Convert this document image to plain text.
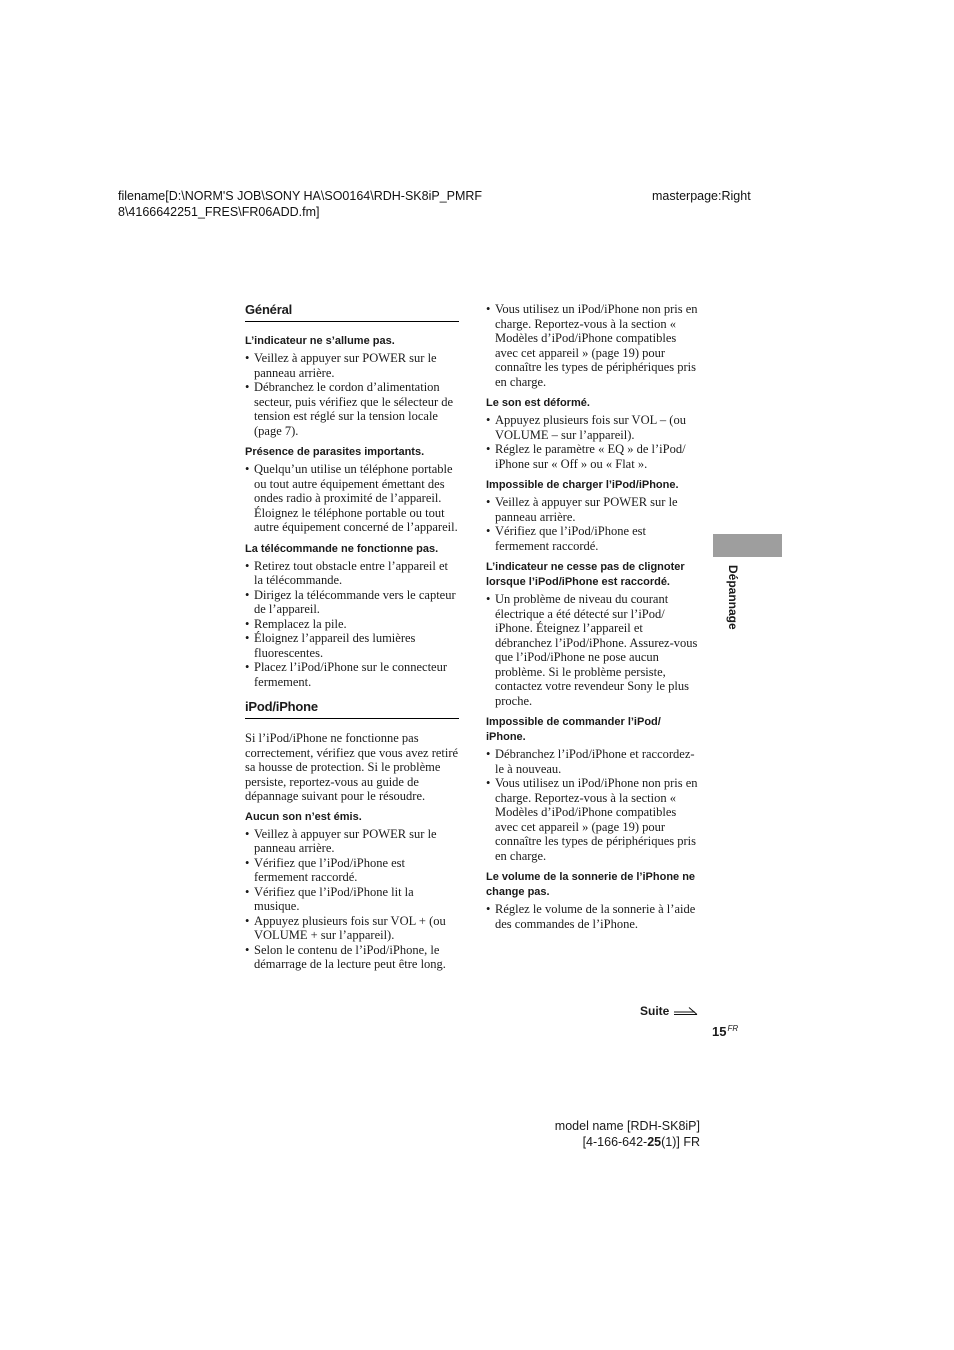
filename[D:\NORM'S JOB\SONY HA\SO0164\RDH-SK8iP_PMRF
8\4166642251_FRES\FR06ADD.fm]
masterpage:Right
Général
L’indicateur ne s’allume pas.
• Veillez à appuyer sur POWER sur le panneau arrière.
• Débranchez le cordon d’alimentation secteur, puis vérifiez que le sélecteur de tension est réglé sur la tension locale (page 7).
Présence de parasites importants.
• Quelqu’un utilise un téléphone portable ou tout autre équipement émettant des ondes radio à proximité de l’appareil. Éloignez le téléphone portable ou tout autre équipement concerné de l’appareil.
La télécommande ne fonctionne pas.
• Retirez tout obstacle entre l’appareil et la télécommande.
• Dirigez la télécommande vers le capteur de l’appareil.
• Remplacez la pile.
• Éloignez l’appareil des lumières fluorescentes.
• Placez l’iPod/iPhone sur le connecteur fermement.
iPod/iPhone

Si l’iPod/iPhone ne fonctionne pas correctement, vérifiez que vous avez retiré sa housse de protection. Si le problème persiste, reportez-vous au guide de dépannage suivant pour le résoudre.

Aucun son n’est émis.
• Veillez à appuyer sur POWER sur le panneau arrière.
• Vérifiez que l’iPod/iPhone est fermement raccordé.
• Vérifiez que l’iPod/iPhone lit la musique.
• Appuyez plusieurs fois sur VOL + (ou VOLUME + sur l’appareil).
• Selon le contenu de l’iPod/iPhone, le démarrage de la lecture peut être long.
• Vous utilisez un iPod/iPhone non pris en charge. Reportez-vous à la section « Modèles d’iPod/iPhone compatibles avec cet appareil » (page 19) pour connaître les types de périphériques pris en charge.
Le son est déformé.
• Appuyez plusieurs fois sur VOL – (ou VOLUME – sur l’appareil).
• Réglez le paramètre « EQ » de l’iPod/ iPhone sur « Off » ou « Flat ».
Impossible de charger l’iPod/iPhone.
• Veillez à appuyer sur POWER sur le panneau arrière.
• Vérifiez que l’iPod/iPhone est fermement raccordé.
L’indicateur ne cesse pas de clignoter lorsque l’iPod/iPhone est raccordé.
• Un problème de niveau du courant électrique a été détecté sur l’iPod/ iPhone. Éteignez l’appareil et débranchez l’iPod/iPhone. Assurez-vous que l’iPod/iPhone ne pose aucun problème. Si le problème persiste, contactez votre revendeur Sony le plus proche.
Impossible de commander l’iPod/ iPhone.
• Débranchez l’iPod/iPhone et raccordez-le à nouveau.
• Vous utilisez un iPod/iPhone non pris en charge. Reportez-vous à la section « Modèles d’iPod/iPhone compatibles avec cet appareil » (page 19) pour connaître les types de périphériques pris en charge.
Le volume de la sonnerie de l’iPhone ne change pas.
• Réglez le volume de la sonnerie à l’aide des commandes de l’iPhone.
Dépannage
Suite
$15^{FR}$
model name [RDH-SK8iP]
[4-166-642-25(1)] FR
